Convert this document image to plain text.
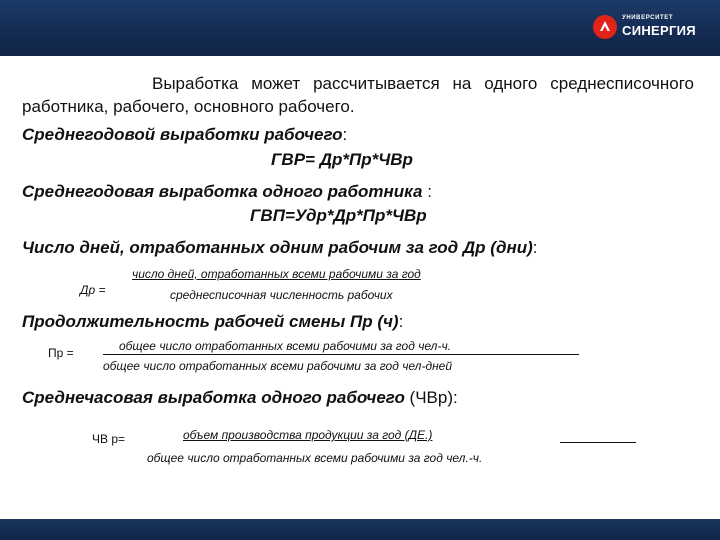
УНИВЕРСИТЕТ
СИНЕРГИЯ
Выработка может рассчитывается на одного среднесписочного работника, рабочего, основного рабочего.
Среднегодовой выработки рабочего:
ГВР= Др*Пр*ЧВр
Среднегодовая выработка одного работника :
ГВП=Удр*Др*Пр*ЧВр
Число дней, отработанных одним рабочим за год Др (дни):
Др =
число дней, отработанных всеми рабочими за год
среднесписочная численность рабочих
Продолжительность рабочей смены Пр (ч):
Пр =	общее число отработанных всеми рабочими за год чел-ч.
общее число отработанных всеми рабочими за год чел-дней
Среднечасовая выработка одного рабочего (ЧВр):
ЧВ р=	объем производства продукции за год (ДЕ.)
общее число отработанных всеми рабочими за год чел.-ч.
